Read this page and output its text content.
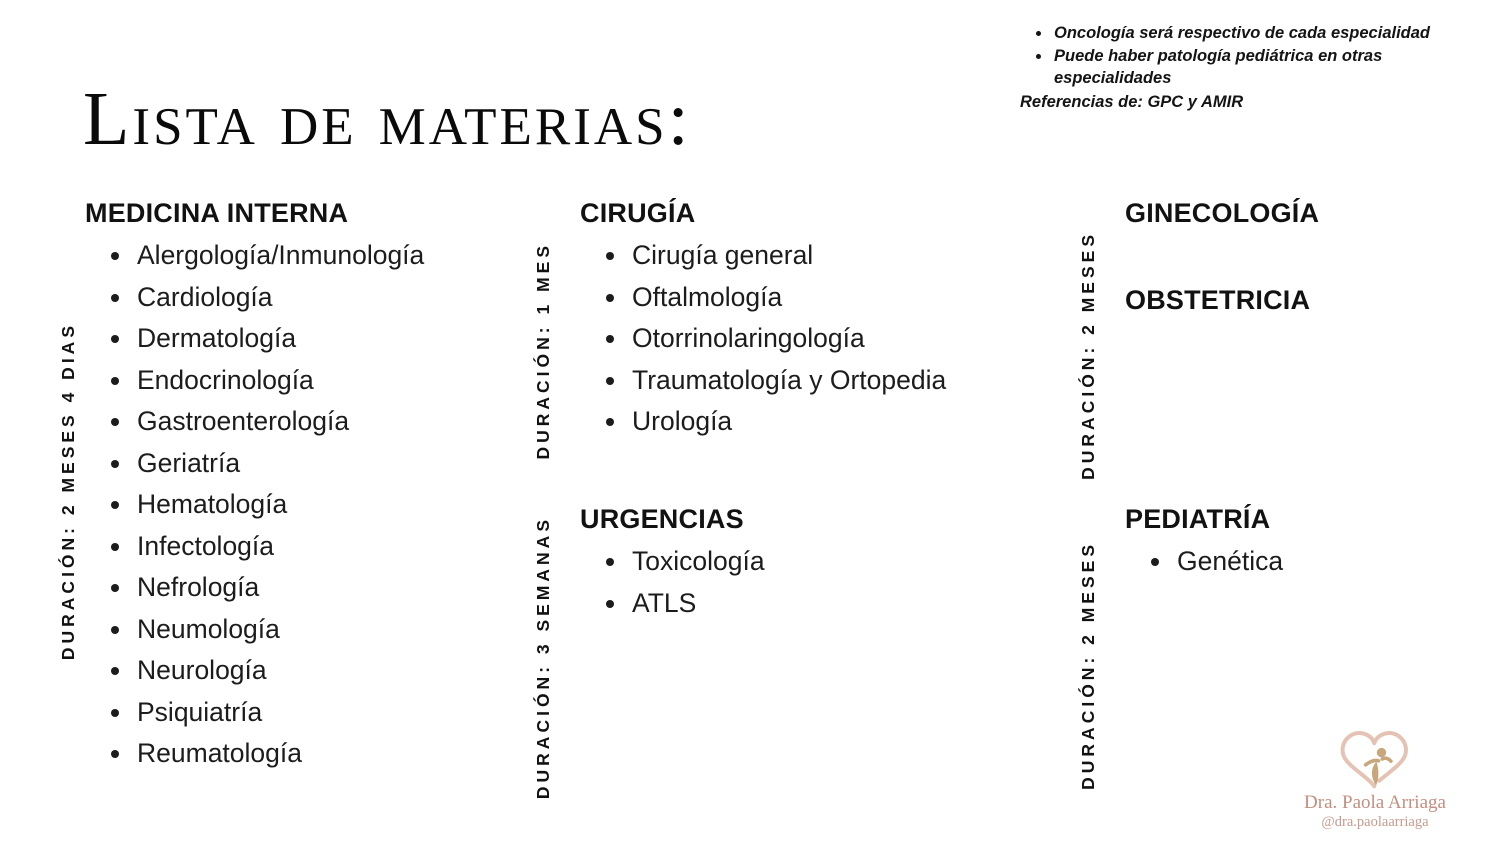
• Oncología será respectivo de cada especialidad
• Puede haber patología pediátrica en otras especialidades
Referencias de: GPC y AMIR
Lista de materias:
DURACIÓN: 2 MESES 4 DIAS
MEDICINA INTERNA
• Alergología/Inmunología
• Cardiología
• Dermatología
• Endocrinología
• Gastroenterología
• Geriatría
• Hematología
• Infectología
• Nefrología
• Neumología
• Neurología
• Psiquiatría
• Reumatología
DURACIÓN: 1 MES
CIRUGÍA
• Cirugía general
• Oftalmología
• Otorrinolaringología
• Traumatología y Ortopedia
• Urología
DURACIÓN: 3 SEMANAS URGENCIAS
• Toxicología
• ATLS
DURACIÓN: 2 MESES
GINECOLOGÍA
OBSTETRICIA
DURACIÓN: 2 MESES
PEDIATRÍA
• Genética
Dra. Paola Arriaga
@dra.paolaarriaga
